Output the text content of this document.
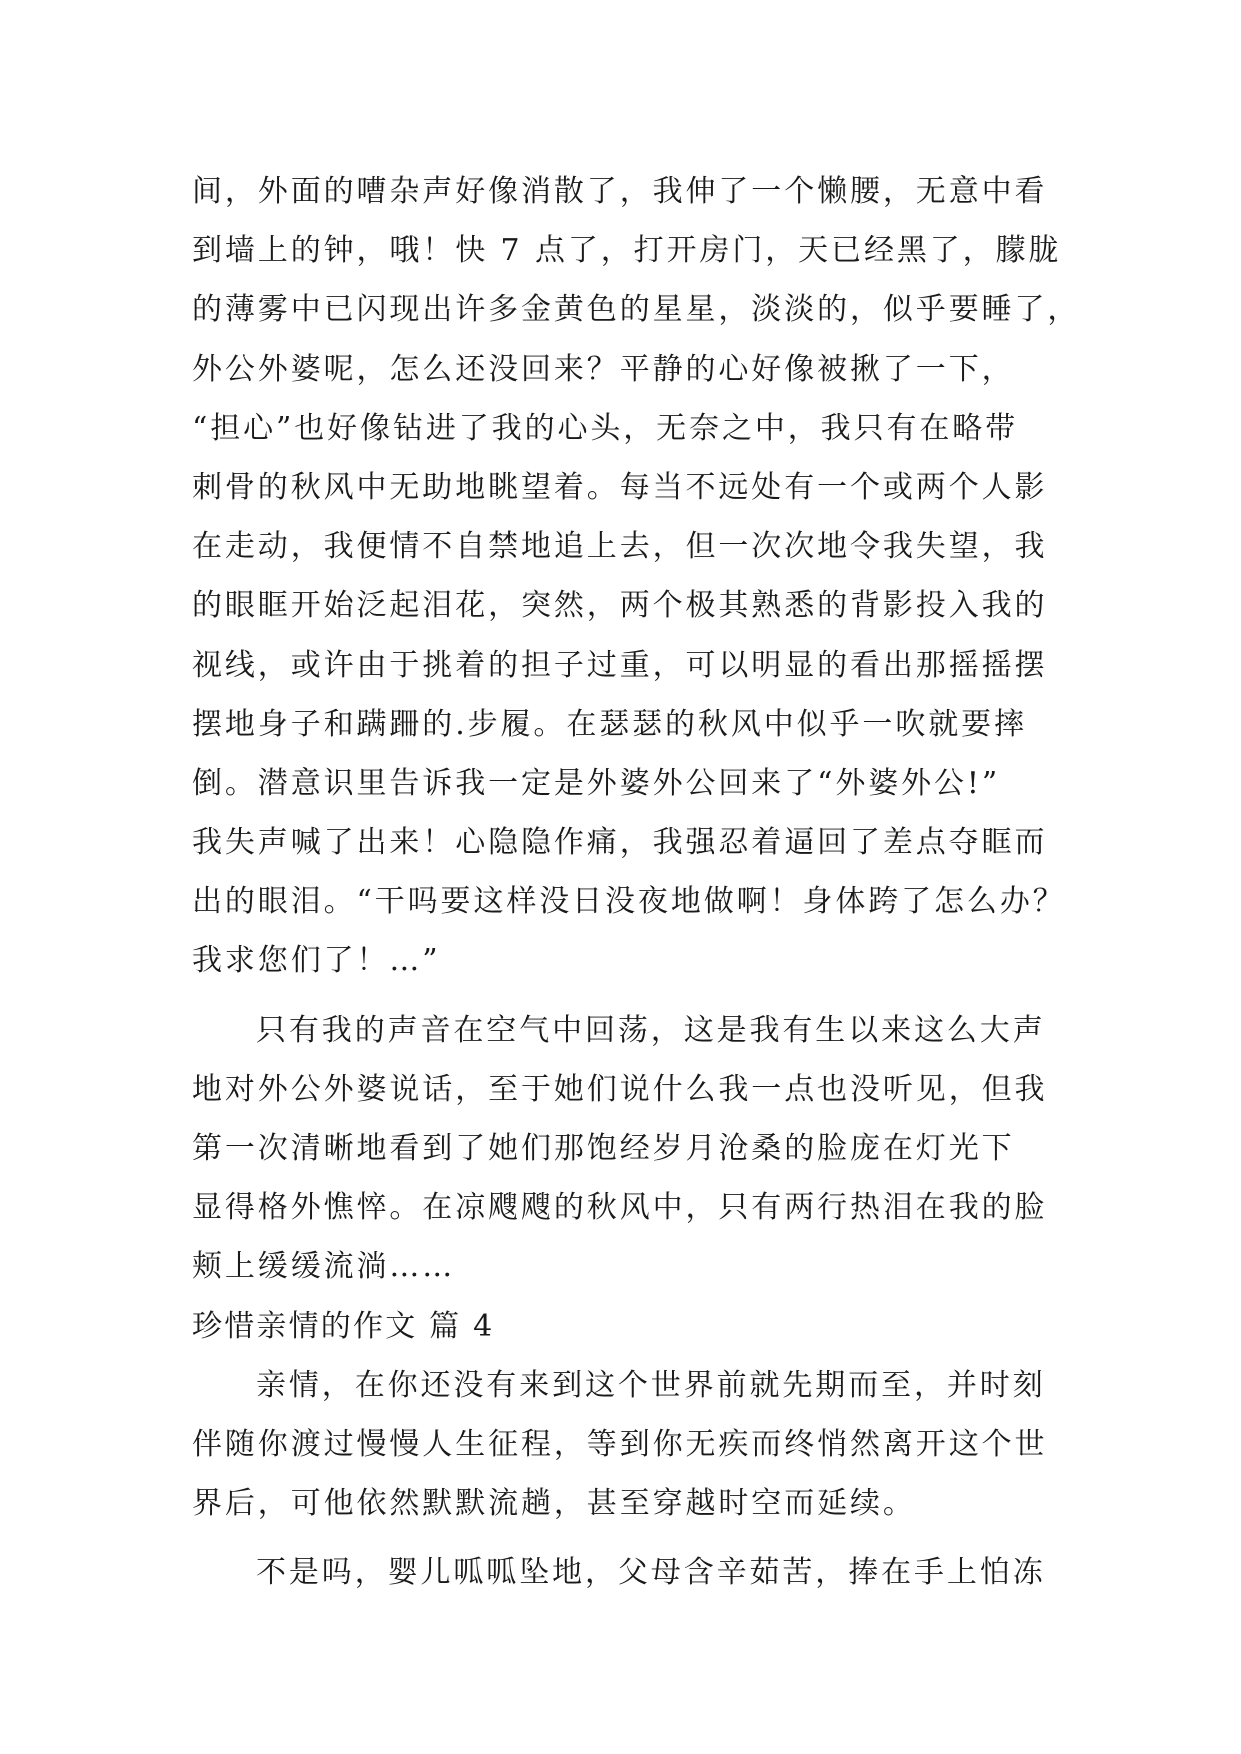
间，外面的嘈杂声好像消散了，我伸了一个懒腰，无意中看
到墙上的钟，哦！快 7 点了，打开房门，天已经黑了，朦胧
的薄雾中已闪现出许多金黄色的星星，淡淡的，似乎要睡了，
外公外婆呢，怎么还没回来？平静的心好像被揪了一下，
“担心”也好像钻进了我的心头，无奈之中，我只有在略带
刺骨的秋风中无助地眺望着。每当不远处有一个或两个人影
在走动，我便情不自禁地追上去，但一次次地令我失望，我
的眼眶开始泛起泪花，突然，两个极其熟悉的背影投入我的
视线，或许由于挑着的担子过重，可以明显的看出那摇摇摆
摆地身子和蹒跚的.步履。在瑟瑟的秋风中似乎一吹就要摔
倒。潜意识里告诉我一定是外婆外公回来了“外婆外公!”
我失声喊了出来！心隐隐作痛，我强忍着逼回了差点夺眶而
出的眼泪。“干吗要这样没日没夜地做啊！身体跨了怎么办？
我求您们了！…”
只有我的声音在空气中回荡，这是我有生以来这么大声
地对外公外婆说话，至于她们说什么我一点也没听见，但我
第一次清晰地看到了她们那饱经岁月沧桑的脸庞在灯光下
显得格外憔悴。在凉飕飕的秋风中，只有两行热泪在我的脸
颊上缓缓流淌……
珍惜亲情的作文 篇 4
亲情，在你还没有来到这个世界前就先期而至，并时刻
伴随你渡过慢慢人生征程，等到你无疾而终悄然离开这个世
界后，可他依然默默流趟，甚至穿越时空而延续。
不是吗，婴儿呱呱坠地，父母含辛茹苦，捧在手上怕冻
